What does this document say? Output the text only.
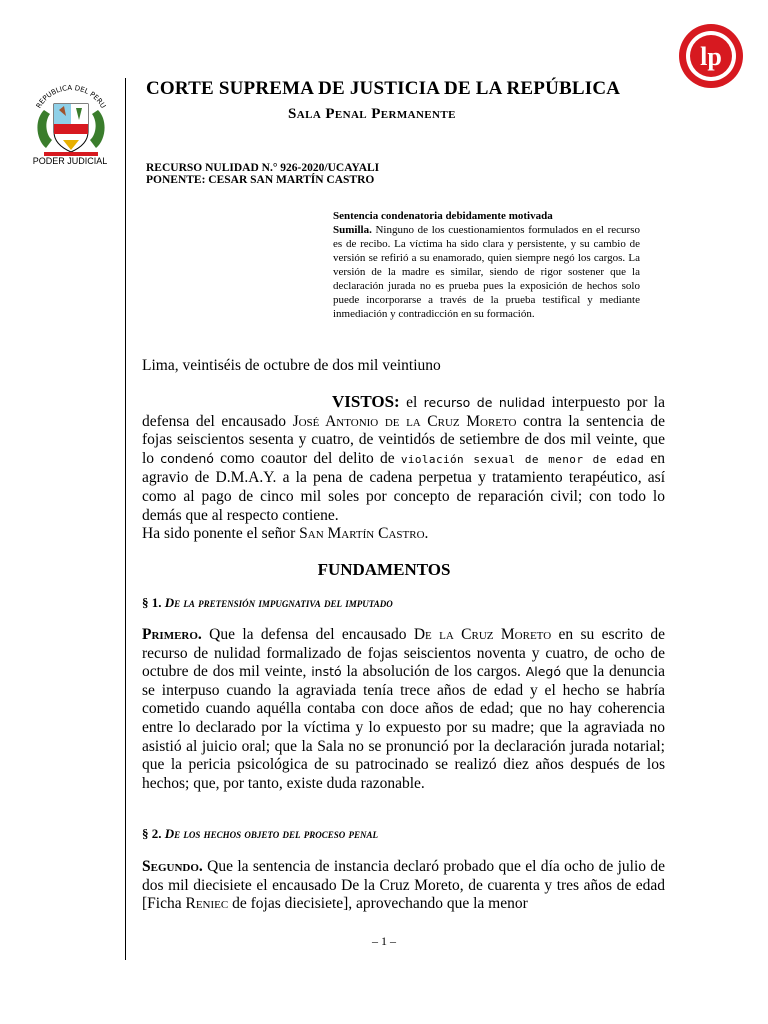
REPUBLICA DEL PERU
PODER JUDICIAL
lp
CORTE SUPREMA DE JUSTICIA DE LA REPÚBLICA
Sala Penal Permanente
RECURSO NULIDAD N.° 926-2020/UCAYALI
PONENTE: CESAR SAN MARTÍN CASTRO
Sentencia condenatoria debidamente motivada
Sumilla. Ninguno de los cuestionamientos formulados en el recurso es de recibo. La víctima ha sido clara y persistente, y su cambio de versión se refirió a su enamorado, quien siempre negó los cargos. La versión de la madre es similar, siendo de rigor sostener que la declaración jurada no es prueba pues la exposición de hechos solo puede incorporarse a través de la prueba testifical y mediante inmediación y contradicción en su formación.
Lima, veintiséis de octubre de dos mil veintiuno
VISTOS: el recurso de nulidad interpuesto por la defensa del encausado José Antonio de la Cruz Moreto contra la sentencia de fojas seiscientos sesenta y cuatro, de veintidós de setiembre de dos mil veinte, que lo condenó como coautor del delito de violación sexual de menor de edad en agravio de D.M.A.Y. a la pena de cadena perpetua y tratamiento terapéutico, así como al pago de cinco mil soles por concepto de reparación civil; con todo lo demás que al respecto contiene.
Ha sido ponente el señor San Martín Castro.
FUNDAMENTOS
§ 1. De la pretensión impugnativa del imputado
Primero. Que la defensa del encausado De la Cruz Moreto en su escrito de recurso de nulidad formalizado de fojas seiscientos noventa y cuatro, de ocho de octubre de dos mil veinte, instó la absolución de los cargos. Alegó que la denuncia se interpuso cuando la agraviada tenía trece años de edad y el hecho se habría cometido cuando aquélla contaba con doce años de edad; que no hay coherencia entre lo declarado por la víctima y lo expuesto por su madre; que la agraviada no asistió al juicio oral; que la Sala no se pronunció por la declaración jurada notarial; que la pericia psicológica de su patrocinado se realizó diez años después de los hechos; que, por tanto, existe duda razonable.
§ 2. De los hechos objeto del proceso penal
Segundo. Que la sentencia de instancia declaró probado que el día ocho de julio de dos mil diecisiete el encausado De la Cruz Moreto, de cuarenta y tres años de edad [Ficha Reniec de fojas diecisiete], aprovechando que la menor
– 1 –
